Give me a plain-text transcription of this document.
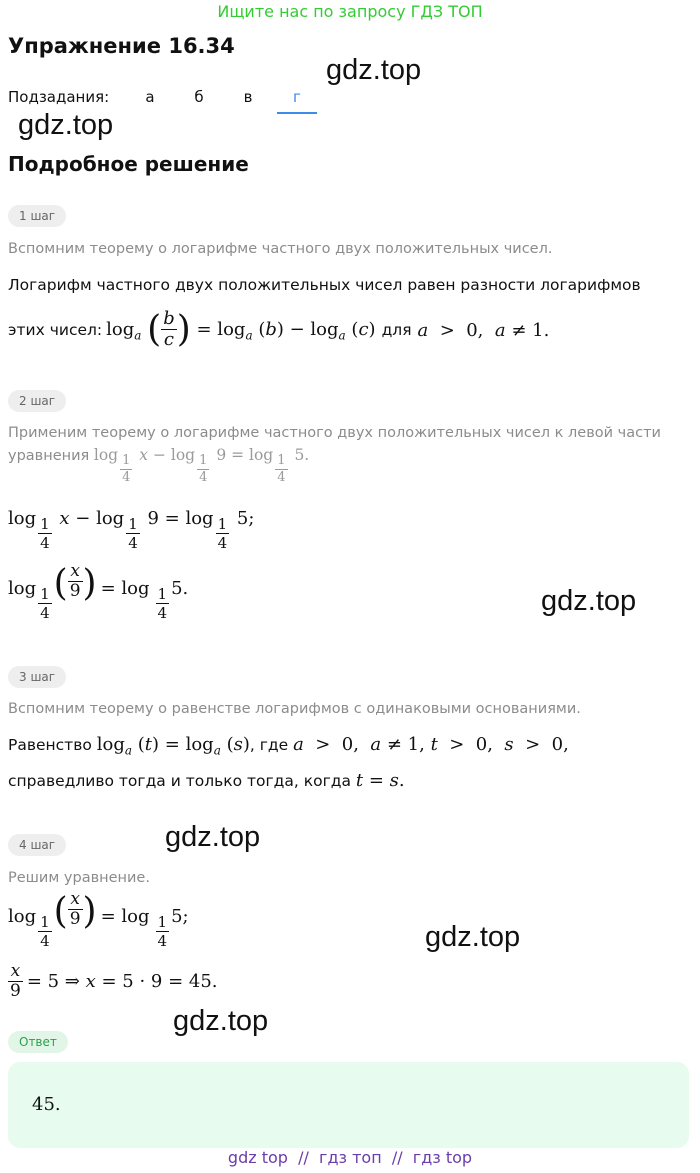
Ищите нас по запросу ГДЗ ТОП
Упражнение 16.34
gdz.top
Подзадания:	а	б	в	г
gdz.top
Подробное решение
1 шаг
Вспомним теорему о логарифме частного двух положительных чисел.
Логарифм частного двух положительных чисел равен разности логарифмов
этих чисел: $\log_a$ ( $\frac{b}{c}$ ) = $\log_a (b) - \log_a (c)$ для a  >  0,  a ≠ 1.
2 шаг
Применим теорему о логарифме частного двух положительных чисел к левой части
уравнения $\log \frac{1}{4}$ $x - \log \frac{1}{4} 9 = \log \frac{1}{4} 5$.
$\log \frac{1}{4}$ $x - \log \frac{1}{4} 9 = \log \frac{1}{4} 5$;
$\log \frac{1}{4}$
( $\frac{x}{9}$ ) = $\log \frac{1}{4} 5$.	gdz.top
3 шаг
Вспомним теорему о равенстве логарифмов с одинаковыми основаниями.
Равенство $\log_a (t) = \log_a (s)$, где a  >  0,  a ≠ 1, t  >  0,  s  >  0,
справедливо тогда и только тогда, когда t = s.
gdz.top
4 шаг
Решим уравнение.
$\log \frac{1}{4}$
( $\frac{x}{9}$ ) = $\log \frac{1}{4} 5$;
$\frac{x}{9} = 5$ ⇒ x = 5 · 9 = 45.
gdz.top
gdz.top
Ответ
45.
gdz top  //  гдз топ  //  гдз top
